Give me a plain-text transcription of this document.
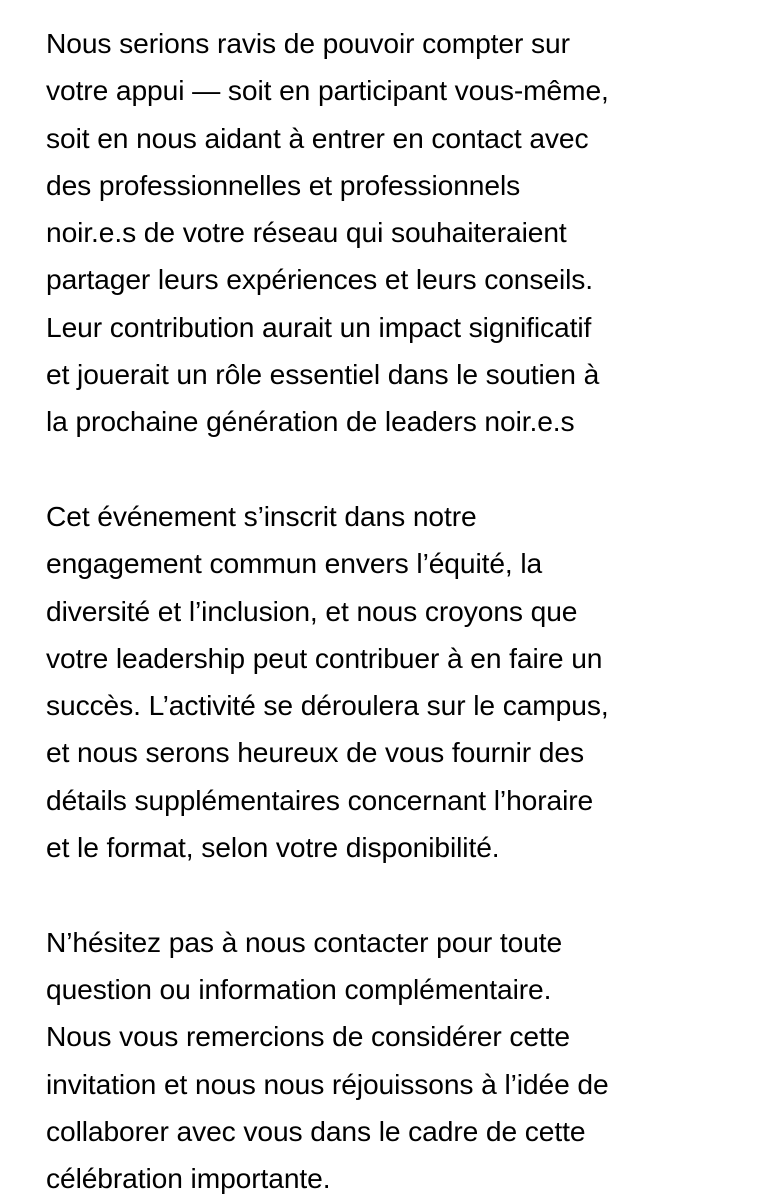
Nous serions ravis de pouvoir compter sur
votre appui — soit en participant vous-même,
soit en nous aidant à entrer en contact avec
des professionnelles et professionnels
noir.e.s de votre réseau qui souhaiteraient
partager leurs expériences et leurs conseils.
Leur contribution aurait un impact significatif
et jouerait un rôle essentiel dans le soutien à
la prochaine génération de leaders noir.e.s

Cet événement s’inscrit dans notre
engagement commun envers l’équité, la
diversité et l’inclusion, et nous croyons que
votre leadership peut contribuer à en faire un
succès. L’activité se déroulera sur le campus,
et nous serons heureux de vous fournir des
détails supplémentaires concernant l’horaire
et le format, selon votre disponibilité.

N’hésitez pas à nous contacter pour toute
question ou information complémentaire.
Nous vous remercions de considérer cette
invitation et nous nous réjouissons à l’idée de
collaborer avec vous dans le cadre de cette
célébration importante.
